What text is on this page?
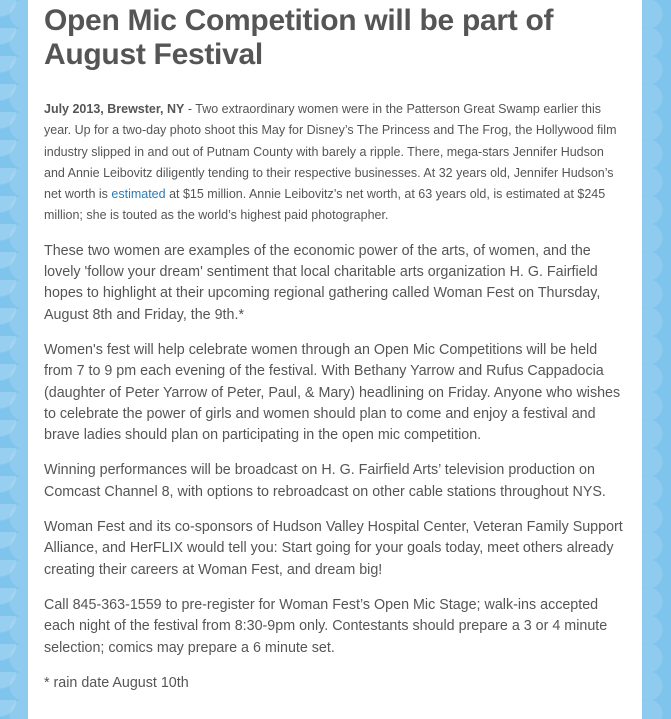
Open Mic Competition will be part of August Festival

July 2013, Brewster, NY - Two extraordinary women were in the Patterson Great Swamp earlier this year. Up for a two-day photo shoot this May for Disney’s The Princess and The Frog, the Hollywood film industry slipped in and out of Putnam County with barely a ripple. There, mega-stars Jennifer Hudson and Annie Leibovitz diligently tending to their respective businesses. At 32 years old, Jennifer Hudson’s net worth is estimated at $15 million. Annie Leibovitz’s net worth, at 63 years old, is estimated at $245 million; she is touted as the world’s highest paid photographer.

These two women are examples of the economic power of the arts, of women, and the lovely 'follow your dream' sentiment that local charitable arts organization H. G. Fairfield hopes to highlight at their upcoming regional gathering called Woman Fest on Thursday, August 8th and Friday, the 9th.*

Women's fest will help celebrate women through an Open Mic Competitions will be held from 7 to 9 pm each evening of the festival. With Bethany Yarrow and Rufus Cappadocia (daughter of Peter Yarrow of Peter, Paul, & Mary) headlining on Friday. Anyone who wishes to celebrate the power of girls and women should plan to come and enjoy a festival and brave ladies should plan on participating in the open mic competition.

Winning performances will be broadcast on H. G. Fairfield Arts’ television production on Comcast Channel 8, with options to rebroadcast on other cable stations throughout NYS.

Woman Fest and its co-sponsors of Hudson Valley Hospital Center, Veteran Family Support Alliance, and HerFLIX would tell you: Start going for your goals today, meet others already creating their careers at Woman Fest, and dream big!

Call 845-363-1559 to pre-register for Woman Fest’s Open Mic Stage; walk-ins accepted each night of the festival from 8:30-9pm only. Contestants should prepare a 3 or 4 minute selection; comics may prepare a 6 minute set.

* rain date August 10th
